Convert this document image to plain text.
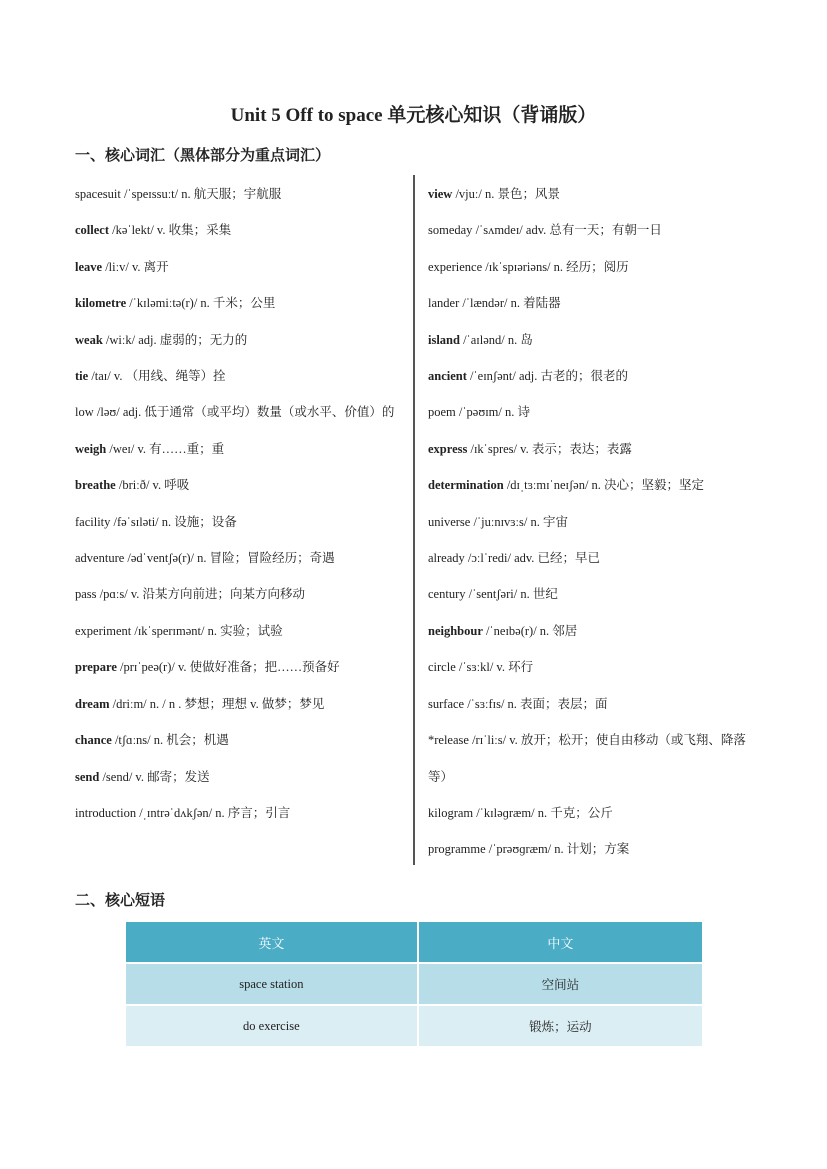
Unit 5 Off to space 单元核心知识（背诵版）
一、核心词汇（黑体部分为重点词汇）
spacesuit /ˈspeɪssuːt/ n. 航天服；宇航服
collect /kəˈlekt/ v. 收集；采集
leave /liːv/ v. 离开
kilometre /ˈkɪləmiːtə(r)/ n. 千米；公里
weak /wiːk/ adj. 虚弱的；无力的
tie /taɪ/ v. （用线、绳等）拴
low /ləʊ/ adj. 低于通常（或平均）数量（或水平、价值）的
weigh /weɪ/ v. 有……重；重
breathe /briːð/ v. 呼吸
facility /fəˈsɪləti/ n. 设施；设备
adventure /ədˈventʃə(r)/ n. 冒险；冒险经历；奇遇
pass /pɑːs/ v. 沿某方向前进；向某方向移动
experiment /ɪkˈsperɪmənt/ n. 实验；试验
prepare /prɪˈpeə(r)/ v. 使做好准备；把……预备好
dream /driːm/ n. / n . 梦想；理想 v. 做梦；梦见
chance /tʃɑːns/ n. 机会；机遇
send /send/ v. 邮寄；发送
introduction /ˌɪntrəˈdʌkʃən/ n. 序言；引言
view /vjuː/ n. 景色；风景
someday /ˈsʌmdeɪ/ adv. 总有一天；有朝一日
experience /ɪkˈspɪəriəns/ n. 经历；阅历
lander /ˈlændər/ n. 着陆器
island /ˈaɪlənd/ n. 岛
ancient /ˈeɪnʃənt/ adj. 古老的；很老的
poem /ˈpəʊɪm/ n. 诗
express /ɪkˈspres/ v. 表示；表达；表露
determination /dɪˌtɜːmɪˈneɪʃən/ n. 决心；坚毅；坚定
universe /ˈjuːnɪvɜːs/ n. 宇宙
already /ɔːlˈredi/ adv. 已经；早已
century /ˈsentʃəri/ n. 世纪
neighbour /ˈneɪbə(r)/ n. 邻居
circle /ˈsɜːkl/ v. 环行
surface /ˈsɜːfɪs/ n. 表面；表层；面
*release /rɪˈliːs/ v. 放开；松开；使自由移动（或飞翔、降落等）
kilogram /ˈkɪləɡræm/ n. 千克；公斤
programme /ˈprəʊɡræm/ n. 计划；方案
二、核心短语
英文	中文
space station	空间站
do exercise	锻炼；运动
